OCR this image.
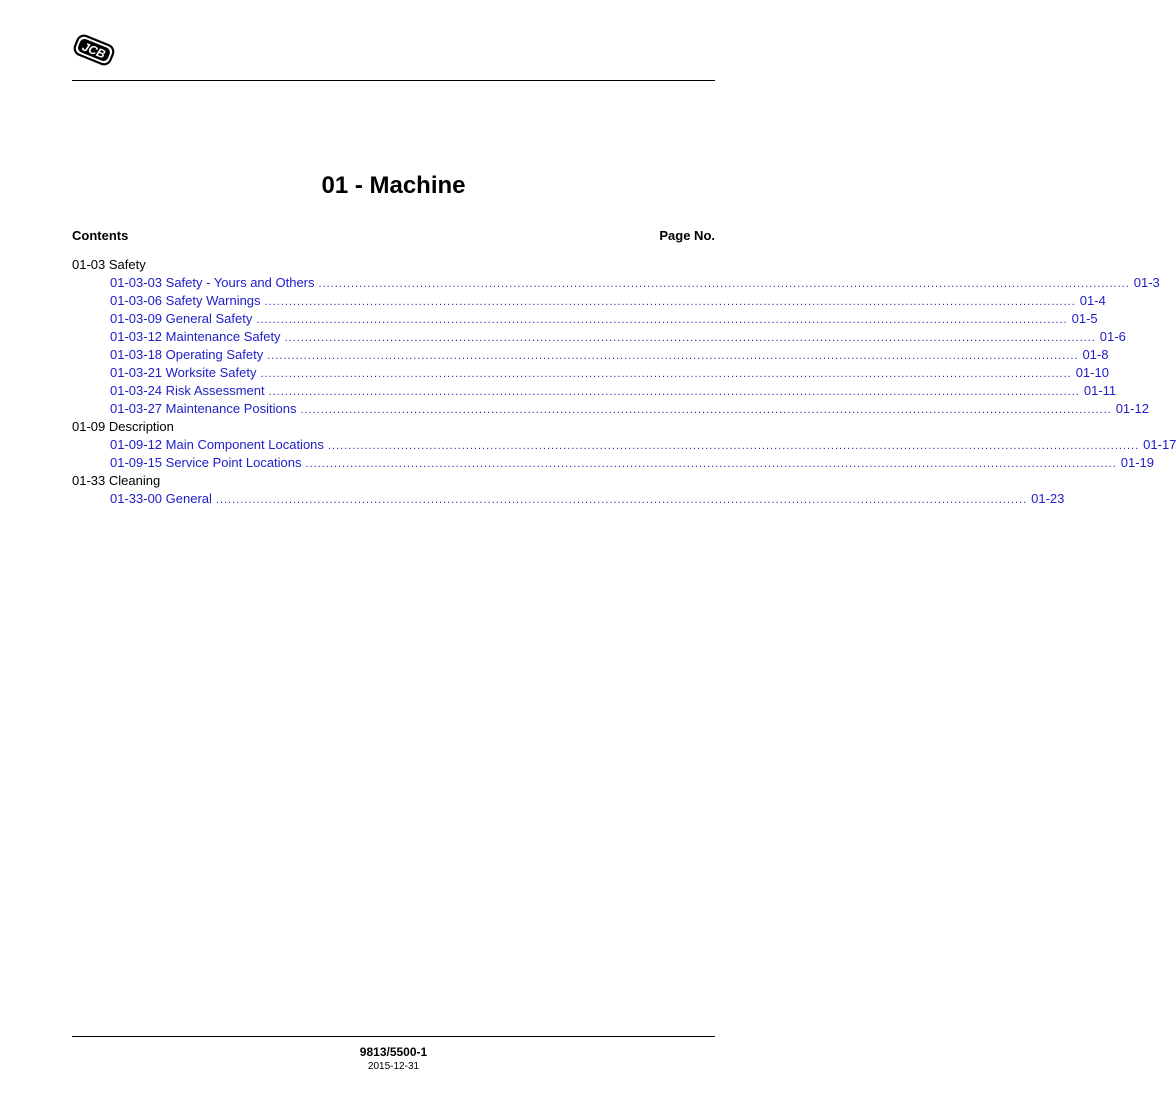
JCB
01 - Machine
Contents	Page No.
01-03 Safety
01-03-03 Safety - Yours and Others ........................................................................................................................................................................................................ 01-3
01-03-06 Safety Warnings ........................................................................................................................................................................................................ 01-4
01-03-09 General Safety ........................................................................................................................................................................................................ 01-5
01-03-12 Maintenance Safety ........................................................................................................................................................................................................ 01-6
01-03-18 Operating Safety ........................................................................................................................................................................................................ 01-8
01-03-21 Worksite Safety ........................................................................................................................................................................................................ 01-10
01-03-24 Risk Assessment ........................................................................................................................................................................................................ 01-11
01-03-27 Maintenance Positions ........................................................................................................................................................................................................ 01-12
01-09 Description
01-09-12 Main Component Locations ........................................................................................................................................................................................................ 01-17
01-09-15 Service Point Locations ........................................................................................................................................................................................................ 01-19
01-33 Cleaning
01-33-00 General ........................................................................................................................................................................................................ 01-23
9813/5500-1
2015-12-31
